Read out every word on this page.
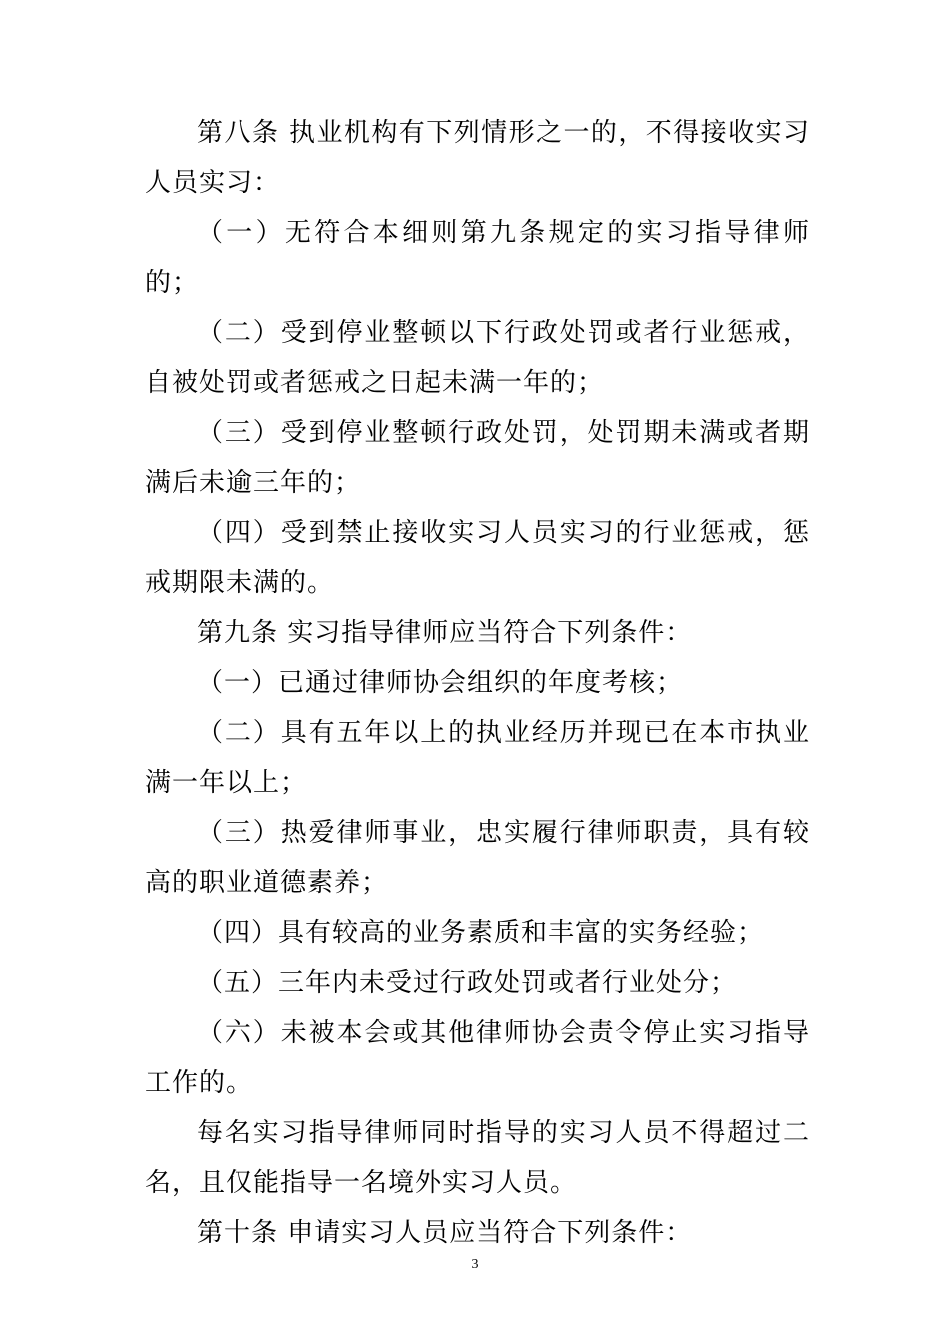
第八条 执业机构有下列情形之一的，不得接收实习人员实习：

（一）无符合本细则第九条规定的实习指导律师的；

（二）受到停业整顿以下行政处罚或者行业惩戒，自被处罚或者惩戒之日起未满一年的；

（三）受到停业整顿行政处罚，处罚期未满或者期满后未逾三年的；

（四）受到禁止接收实习人员实习的行业惩戒，惩戒期限未满的。

第九条 实习指导律师应当符合下列条件：

（一）已通过律师协会组织的年度考核；

（二）具有五年以上的执业经历并现已在本市执业满一年以上；

（三）热爱律师事业，忠实履行律师职责，具有较高的职业道德素养；

（四）具有较高的业务素质和丰富的实务经验；

（五）三年内未受过行政处罚或者行业处分；

（六）未被本会或其他律师协会责令停止实习指导工作的。

每名实习指导律师同时指导的实习人员不得超过二名，且仅能指导一名境外实习人员。

第十条 申请实习人员应当符合下列条件：

3
